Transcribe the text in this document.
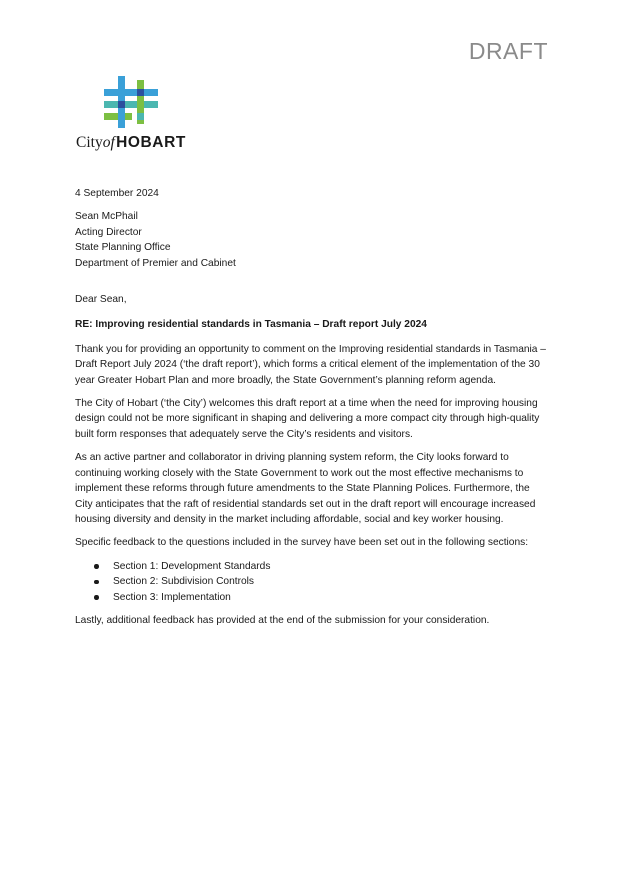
DRAFT
Cityof HOBART

4 September 2024

Sean McPhail

Acting Director

State Planning Office

Department of Premier and Cabinet

Dear Sean,

RE: Improving residential standards in Tasmania – Draft report July 2024

Thank you for providing an opportunity to comment on the Improving residential standards in Tasmania – Draft Report July 2024 (‘the draft report’), which forms a critical element of the implementation of the 30 year Greater Hobart Plan and more broadly, the State Government’s planning reform agenda.

The City of Hobart (‘the City’) welcomes this draft report at a time when the need for improving housing design could not be more significant in shaping and delivering a more compact city through high-quality built form responses that adequately serve the City’s residents and visitors.

As an active partner and collaborator in driving planning system reform, the City looks forward to continuing working closely with the State Government to work out the most effective mechanisms to implement these reforms through future amendments to the State Planning Polices. Furthermore, the City anticipates that the raft of residential standards set out in the draft report will encourage increased housing diversity and density in the market including affordable, social and key worker housing.

Specific feedback to the questions included in the survey have been set out in the following sections:

Section 1: Development Standards
Section 2: Subdivision Controls
Section 3: Implementation

Lastly, additional feedback has provided at the end of the submission for your consideration.
